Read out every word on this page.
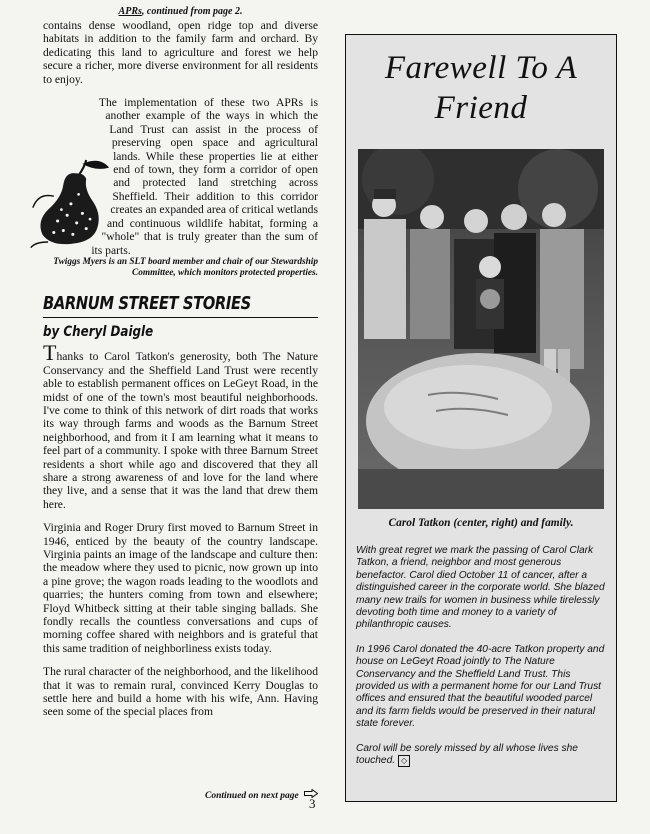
APRs, continued from page 2.

contains dense woodland, open ridge top and diverse habitats in addition to the family farm and orchard. By dedicating this land to agriculture and forest we help secure a richer, more diverse environment for all residents to enjoy.

The implementation of these two APRs is another example of the ways in which the Land Trust can assist in the process of preserving open space and agricultural lands. While these properties lie at either end of town, they form a corridor of open and protected land stretching across Sheffield. Their addition to this corridor creates an expanded area of critical wetlands and continuous wildlife habitat, forming a "whole" that is truly greater than the sum of its parts.

Twiggs Myers is an SLT board member and chair of our Stewardship Committee, which monitors protected properties.

BARNUM STREET STORIES
by Cheryl Daigle

Thanks to Carol Tatkon's generosity, both The Nature Conservancy and the Sheffield Land Trust were recently able to establish permanent offices on LeGeyt Road, in the midst of one of the town's most beautiful neighborhoods. I've come to think of this network of dirt roads that works its way through farms and woods as the Barnum Street neighborhood, and from it I am learning what it means to feel part of a community. I spoke with three Barnum Street residents a short while ago and discovered that they all share a strong awareness of and love for the land where they live, and a sense that it was the land that drew them here.

Virginia and Roger Drury first moved to Barnum Street in 1946, enticed by the beauty of the country landscape. Virginia paints an image of the landscape and culture then: the meadow where they used to picnic, now grown up into a pine grove; the wagon roads leading to the woodlots and quarries; the hunters coming from town and elsewhere; Floyd Whitbeck sitting at their table singing ballads. She fondly recalls the countless conversations and cups of morning coffee shared with neighbors and is grateful that this same tradition of neighborliness exists today.

The rural character of the neighborhood, and the likelihood that it was to remain rural, convinced Kerry Douglas to settle here and build a home with his wife, Ann. Having seen some of the special places from

Continued on next page 3
Farewell To A
Friend
Carol Tatkon (center, right) and family.

With great regret we mark the passing of Carol Clark Tatkon, a friend, neighbor and most generous benefactor. Carol died October 11 of cancer, after a distinguished career in the corporate world. She blazed many new trails for women in business while tirelessly devoting both time and money to a variety of philanthropic causes.

In 1996 Carol donated the 40-acre Tatkon property and house on LeGeyt Road jointly to The Nature Conservancy and the Sheffield Land Trust. This provided us with a permanent home for our Land Trust offices and ensured that the beautiful wooded parcel and its farm fields would be preserved in their natural state forever.

Carol will be sorely missed by all whose lives she touched. ◇
